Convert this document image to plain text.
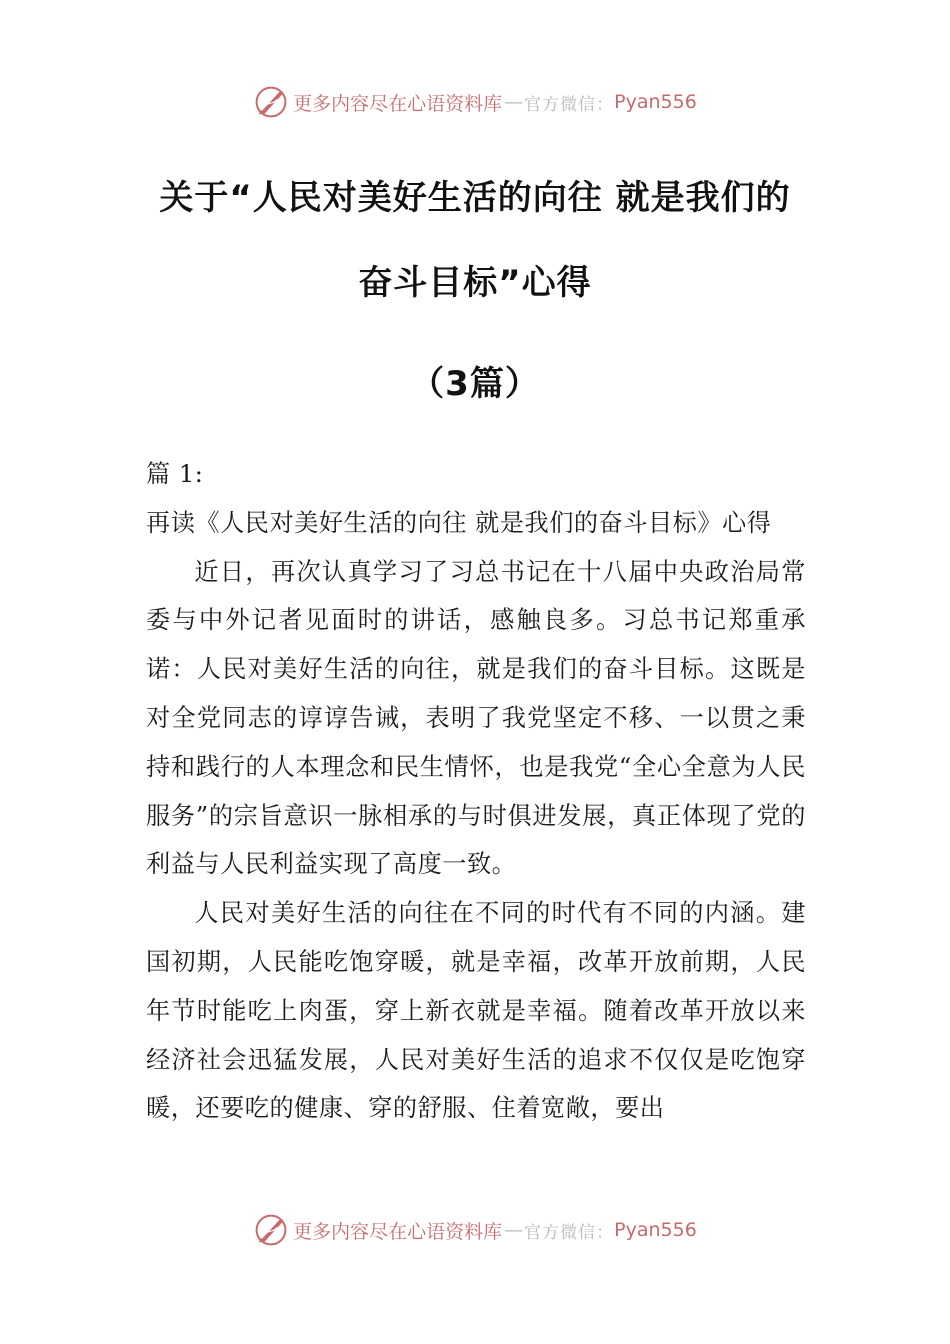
更多内容尽在心语资料库 — 官方微信： Pyan556
关于“人民对美好生活的向往 就是我们的
奋斗目标”心得
（3篇）

篇 1:

再读《人民对美好生活的向往 就是我们的奋斗目标》心得

近日，再次认真学习了习总书记在十八届中央政治局常委与中外记者见面时的讲话，感触良多。习总书记郑重承诺：人民对美好生活的向往，就是我们的奋斗目标。这既是对全党同志的谆谆告诫，表明了我党坚定不移、一以贯之秉持和践行的人本理念和民生情怀，也是我党“全心全意为人民服务”的宗旨意识一脉相承的与时俱进发展，真正体现了党的利益与人民利益实现了高度一致。

人民对美好生活的向往在不同的时代有不同的内涵。建国初期，人民能吃饱穿暖，就是幸福，改革开放前期，人民年节时能吃上肉蛋，穿上新衣就是幸福。随着改革开放以来经济社会迅猛发展，人民对美好生活的追求不仅仅是吃饱穿暖，还要吃的健康、穿的舒服、住着宽敞，要出

更多内容尽在心语资料库 — 官方微信： Pyan556
